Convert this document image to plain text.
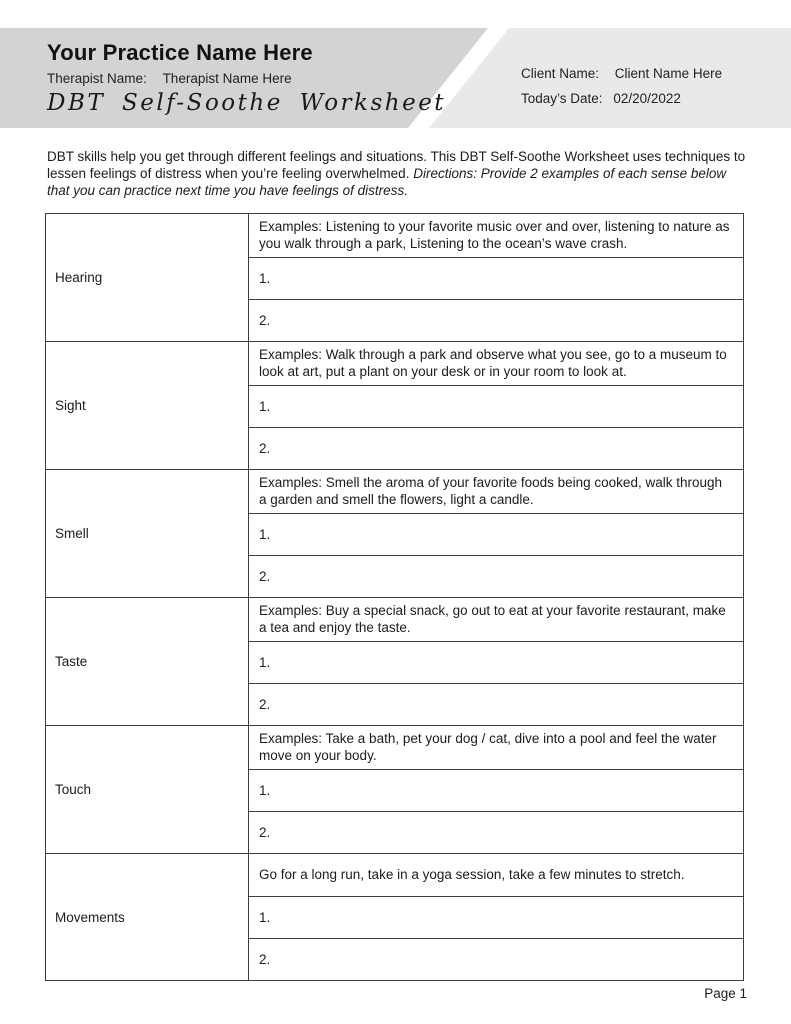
Your Practice Name Here
Therapist Name: Therapist Name Here
DBT Self-Soothe Worksheet
Client Name: Client Name Here
Today’s Date: 02/20/2022

DBT skills help you get through different feelings and situations. This DBT Self-Soothe Worksheet uses techniques to lessen feelings of distress when you’re feeling overwhelmed. Directions: Provide 2 examples of each sense below that you can practice next time you have feelings of distress.

Hearing	Examples: Listening to your favorite music over and over, listening to nature as you walk through a park, Listening to the ocean’s wave crash.
	1.
	2.
Sight	Examples: Walk through a park and observe what you see, go to a museum to look at art, put a plant on your desk or in your room to look at.
	1.
	2.
Smell	Examples: Smell the aroma of your favorite foods being cooked, walk through a garden and smell the flowers, light a candle.
	1.
	2.
Taste	Examples: Buy a special snack, go out to eat at your favorite restaurant, make a tea and enjoy the taste.
	1.
	2.
Touch	Examples: Take a bath, pet your dog / cat, dive into a pool and feel the water move on your body.
	1.
	2.
Movements	Go for a long run, take in a yoga session, take a few minutes to stretch.
	1.
	2.
Page 1
